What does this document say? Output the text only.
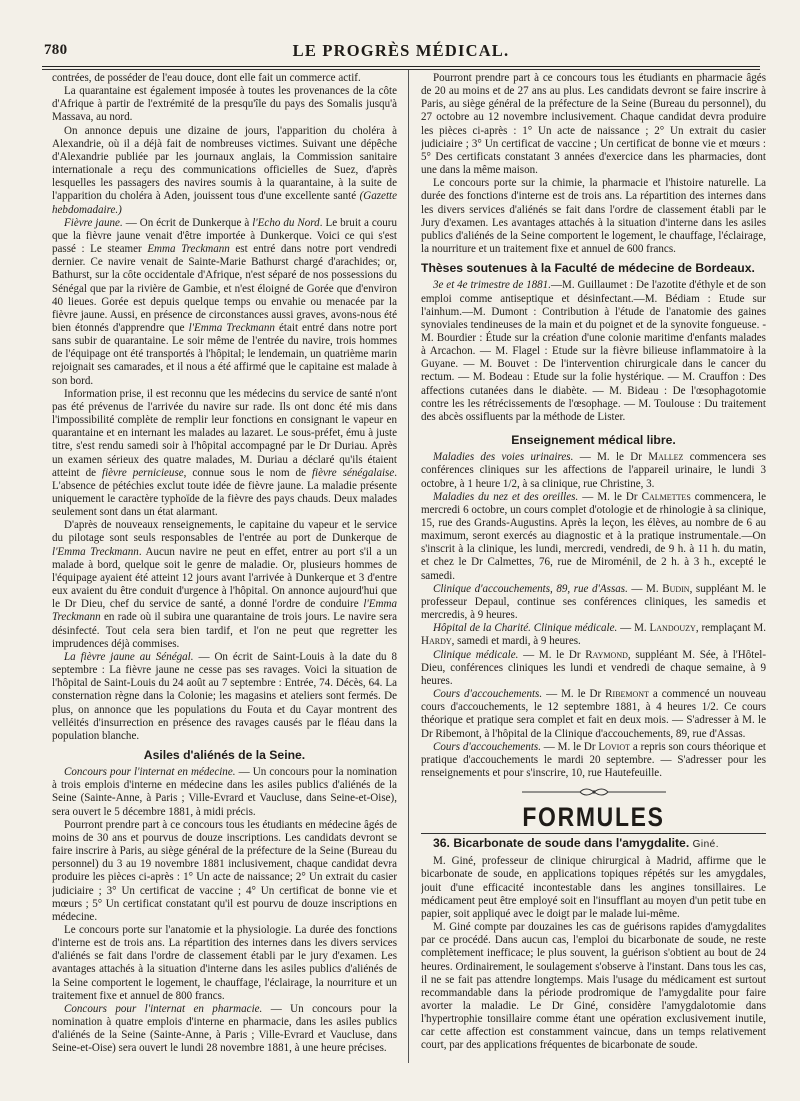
780	LE PROGRÈS MÉDICAL.

contrées, de posséder de l'eau douce, dont elle fait un commerce actif.

La quarantaine est également imposée à toutes les provenances de la côte d'Afrique à partir de l'extrémité de la presqu'île du pays des Somalis jusqu'à Massava, au nord.

On annonce depuis une dizaine de jours, l'apparition du choléra à Alexandrie, où il a déjà fait de nombreuses victimes. Suivant une dépêche d'Alexandrie publiée par les journaux anglais, la Commission sanitaire internationale a reçu des communications officielles de Suez, d'après lesquelles les passagers des navires soumis à la quarantaine, à la suite de l'apparition du choléra à Aden, jouissent tous d'une excellente santé (Gazette hebdomadaire.)

Fièvre jaune. — On écrit de Dunkerque à l'Echo du Nord. Le bruit a couru que la fièvre jaune venait d'être importée à Dunkerque. Voici ce qui s'est passé : Le steamer Emma Treckmann est entré dans notre port vendredi dernier. Ce navire venait de Sainte-Marie Bathurst chargé d'arachides; or, Bathurst, sur la côte occidentale d'Afrique, n'est séparé de nos possessions du Sénégal que par la rivière de Gambie, et n'est éloigné de Gorée que d'environ 40 lieues. Gorée est depuis quelque temps ou envahie ou menacée par la fièvre jaune. Aussi, en présence de circonstances aussi graves, avons-nous été bien étonnés d'apprendre que l'Emma Treckmann était entré dans notre port sans subir de quarantaine. Le soir même de l'entrée du navire, trois hommes de l'équipage ont été transportés à l'hôpital; le lendemain, un quatrième marin rejoignait ses camarades, et il nous a été affirmé que le capitaine est malade à son bord.

Information prise, il est reconnu que les médecins du service de santé n'ont pas été prévenus de l'arrivée du navire sur rade. Ils ont donc été mis dans l'impossibilité complète de remplir leur fonctions en consignant le vapeur en quarantaine et en internant les malades au lazaret. Le sous-préfet, ému à juste titre, s'est rendu samedi soir à l'hôpital accompagné par le Dr Duriau. Après un examen sérieux des quatre malades, M. Duriau a déclaré qu'ils étaient atteint de fièvre pernicieuse, connue sous le nom de fièvre sénégalaise. L'absence de pétéchies exclut toute idée de fièvre jaune. La maladie présente uniquement le caractère typhoïde de la fièvre des pays chauds. Deux malades seulement sont dans un état alarmant.

D'après de nouveaux renseignements, le capitaine du vapeur et le service du pilotage sont seuls responsables de l'entrée au port de Dunkerque de l'Emma Treckmann. Aucun navire ne peut en effet, entrer au port s'il a un malade à bord, quelque soit le genre de maladie. Or, plusieurs hommes de l'équipage ayaient été atteint 12 jours avant l'arrivée à Dunkerque et 3 d'entre eux avaient du être conduit d'urgence à l'hôpital. On annonce aujourd'hui que le Dr Dieu, chef du service de santé, a donné l'ordre de conduire l'Emma Treckmann en rade où il subira une quarantaine de trois jours. Le navire sera désinfecté. Tout cela sera bien tardif, et l'on ne peut que regretter les imprudences déjà commises.

La fièvre jaune au Sénégal. — On écrit de Saint-Louis à la date du 8 septembre : La fièvre jaune ne cesse pas ses ravages. Voici la situation de l'hôpital de Saint-Louis du 24 août au 7 septembre : Entrée, 74. Décès, 64. La consternation règne dans la Colonie; les magasins et ateliers sont fermés. De plus, on annonce que les populations du Fouta et du Cayar montrent des velléités d'insurrection en présence des ravages causés par le fléau dans la population blanche.

Asiles d'aliénés de la Seine.

Concours pour l'internat en médecine. — Un concours pour la nomination à trois emplois d'interne en médecine dans les asiles publics d'aliénés de la Seine (Sainte-Anne, à Paris ; Ville-Evrard et Vaucluse, dans Seine-et-Oise), sera ouvert le 5 décembre 1881, à midi précis.

Pourront prendre part à ce concours tous les étudiants en médecine âgés de moins de 30 ans et pourvus de douze inscriptions. Les candidats devront se faire inscrire à Paris, au siège général de la préfecture de la Seine (Bureau du personnel) du 3 au 19 novembre 1881 inclusivement, chaque candidat devra produire les pièces ci-après : 1° Un acte de naissance; 2° Un extrait du casier judiciaire ; 3° Un certificat de vaccine ; 4° Un certificat de bonne vie et mœurs ; 5° Un certificat constatant qu'il est pourvu de douze inscriptions en médecine.

Le concours porte sur l'anatomie et la physiologie. La durée des fonctions d'interne est de trois ans. La répartition des internes dans les divers services d'aliénés se fait dans l'ordre de classement établi par le jury d'examen. Les avantages attachés à la situation d'interne dans les asiles publics d'aliénés de la Seine comportent le logement, le chauffage, l'éclairage, la nourriture et un traitement fixe et annuel de 800 francs.

Concours pour l'internat en pharmacie. — Un concours pour la nomination à quatre emplois d'interne en pharmacie, dans les asiles publics d'aliénés de la Seine (Sainte-Anne, à Paris ; Ville-Evrard et Vaucluse, dans Seine-et-Oise) sera ouvert le lundi 28 novembre 1881, à une heure précises.

Pourront prendre part à ce concours tous les étudiants en pharmacie âgés de 20 au moins et de 27 ans au plus. Les candidats devront se faire inscrire à Paris, au siège général de la préfecture de la Seine (Bureau du personnel), du 27 octobre au 12 novembre inclusivement. Chaque candidat devra produire les pièces ci-après : 1° Un acte de naissance ; 2° Un extrait du casier judiciaire ; 3° Un certificat de vaccine ; Un certificat de bonne vie et mœurs : 5° Des certificats constatant 3 années d'exercice dans les pharmacies, dont une dans la même maison.

Le concours porte sur la chimie, la pharmacie et l'histoire naturelle. La durée des fonctions d'interne est de trois ans. La répartition des internes dans les divers services d'aliénés se fait dans l'ordre de classement établi par le Jury d'examen. Les avantages attachés à la situation d'interne dans les asiles publics d'aliénés de la Seine comportent le logement, le chauffage, l'éclairage, la nourriture et un traitement fixe et annuel de 600 francs.

Thèses soutenues à la Faculté de médecine de Bordeaux.

3e et 4e trimestre de 1881.—M. Guillaumet : De l'azotite d'éthyle et de son emploi comme antiseptique et désinfectant.—M. Bédiam : Etude sur l'ainhum.—M. Dumont : Contribution à l'étude de l'anatomie des gaines synoviales tendineuses de la main et du poignet et de la synovite fongueuse. - M. Bourdier : Étude sur la création d'une colonie maritime d'enfants malades à Arcachon. — M. Flagel : Etude sur la fièvre bilieuse inflammatoire à la Guyane. — M. Bouvet : De l'intervention chirurgicale dans le cancer du rectum. — M. Bodeau : Etude sur la folie hystérique. — M. Crauffon : Des affections cutanées dans le diabète. — M. Bideau : De l'œsophagotomie contre les les rétrécissements de l'œsophage. — M. Toulouse : Du traitement des abcès ossifluents par la méthode de Lister.

Enseignement médical libre.

Maladies des voies urinaires. — M. le Dr Mallez commencera ses conférences cliniques sur les affections de l'appareil urinaire, le lundi 3 octobre, à 1 heure 1/2, à sa clinique, rue Christine, 3.

Maladies du nez et des oreilles. — M. le Dr Calmettes commencera, le mercredi 6 octobre, un cours complet d'otologie et de rhinologie à sa clinique, 15, rue des Grands-Augustins. Après la leçon, les élèves, au nombre de 6 au maximum, seront exercés au diagnostic et à la pratique instrumentale.—On s'inscrit à la clinique, les lundi, mercredi, vendredi, de 9 h. à 11 h. du matin, et chez le Dr Calmettes, 76, rue de Miroménil, de 2 h. à 3 h., excepté le samedi.

Clinique d'accouchements, 89, rue d'Assas. — M. Budin, suppléant M. le professeur Depaul, continue ses conférences cliniques, les samedis et mercredis, à 9 heures.

Hôpital de la Charité. Clinique médicale. — M. Landouzy, remplaçant M. Hardy, samedi et mardi, à 9 heures.

Clinique médicale. — M. le Dr Raymond, suppléant M. Sée, à l'Hôtel-Dieu, conférences cliniques les lundi et vendredi de chaque semaine, à 9 heures.

Cours d'accouchements. — M. le Dr Ribemont a commencé un nouveau cours d'accouchements, le 12 septembre 1881, à 4 heures 1/2. Ce cours théorique et pratique sera complet et fait en deux mois. — S'adresser à M. le Dr Ribemont, à l'hôpital de la Clinique d'accouchements, 89, rue d'Assas.

Cours d'accouchements. — M. le Dr Loviot a repris son cours théorique et pratique d'accouchements le mardi 20 septembre. — S'adresser pour les renseignements et pour s'inscrire, 10, rue Hautefeuille.

FORMULES
36. Bicarbonate de soude dans l'amygdalite. Giné.

M. Giné, professeur de clinique chirurgical à Madrid, affirme que le bicarbonate de soude, en applications topiques répétés sur les amygdales, jouit d'une efficacité incontestable dans les angines tonsillaires. Le médicament peut être employé soit en l'insufflant au moyen d'un petit tube en papier, soit appliqué avec le doigt par le malade lui-même.

M. Giné compte par douzaines les cas de guérisons rapides d'amygdalites par ce procédé. Dans aucun cas, l'emploi du bicarbonate de soude, ne reste complètement inefficace; le plus souvent, la guérison s'obtient au bout de 24 heures. Ordinairement, le soulagement s'observe à l'instant. Dans tous les cas, il ne se fait pas attendre longtemps. Mais l'usage du médicament est surtout recommandable dans la période prodromique de l'amygdalite pour faire avorter la maladie. Le Dr Giné, considère l'amygdalotomie dans l'hypertrophie tonsillaire comme étant une opération exclusivement inutile, car cette affection est constamment vaincue, dans un temps relativement court, par des applications fréquentes de bicarbonate de soude.
